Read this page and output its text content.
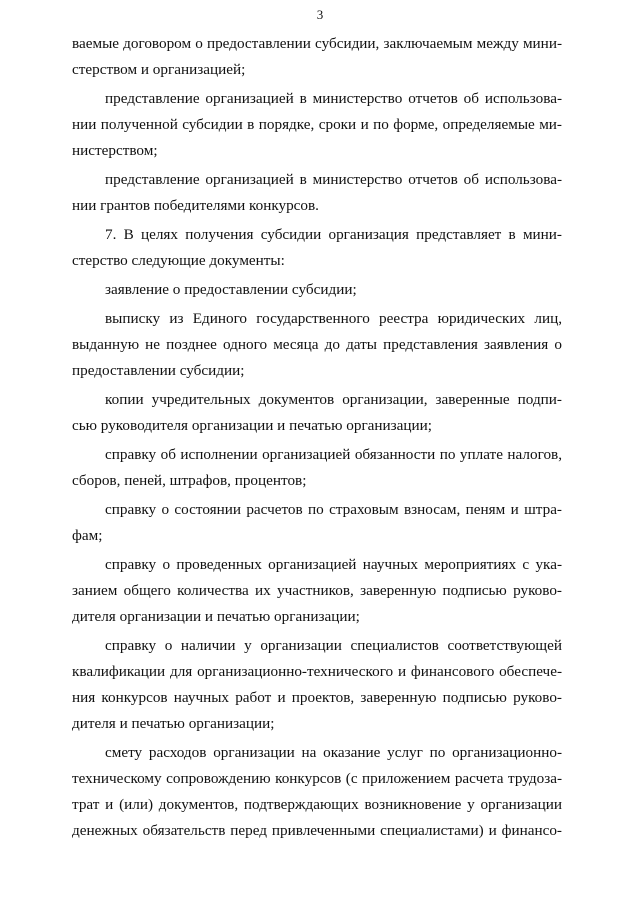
3
ваемые договором о предоставлении субсидии, заключаемым между мини-
стерством и организацией;
представление организацией в министерство отчетов об использова-
нии полученной субсидии в порядке, сроки и по форме, определяемые ми-
нистерством;
представление организацией в министерство отчетов об использова-
нии грантов победителями конкурсов.
7. В целях получения субсидии организация представляет в мини-
стерство следующие документы:
заявление о предоставлении субсидии;
выписку из Единого государственного реестра юридических лиц,
выданную не позднее одного месяца до даты представления заявления о
предоставлении субсидии;
копии учредительных документов организации, заверенные подпи-
сью руководителя организации и печатью организации;
справку об исполнении организацией обязанности по уплате налогов,
сборов, пеней, штрафов, процентов;
справку о состоянии расчетов по страховым взносам, пеням и штра-
фам;
справку о проведенных организацией научных мероприятиях с ука-
занием общего количества их участников, заверенную подписью руково-
дителя организации и печатью организации;
справку о наличии у организации специалистов соответствующей
квалификации для организационно-технического и финансового обеспече-
ния конкурсов научных работ и проектов, заверенную подписью руково-
дителя и печатью организации;
смету расходов организации на оказание услуг по организационно-
техническому сопровождению конкурсов (с приложением расчета трудоза-
трат и (или) документов, подтверждающих возникновение у организации
денежных обязательств перед привлеченными специалистами) и финансо-
